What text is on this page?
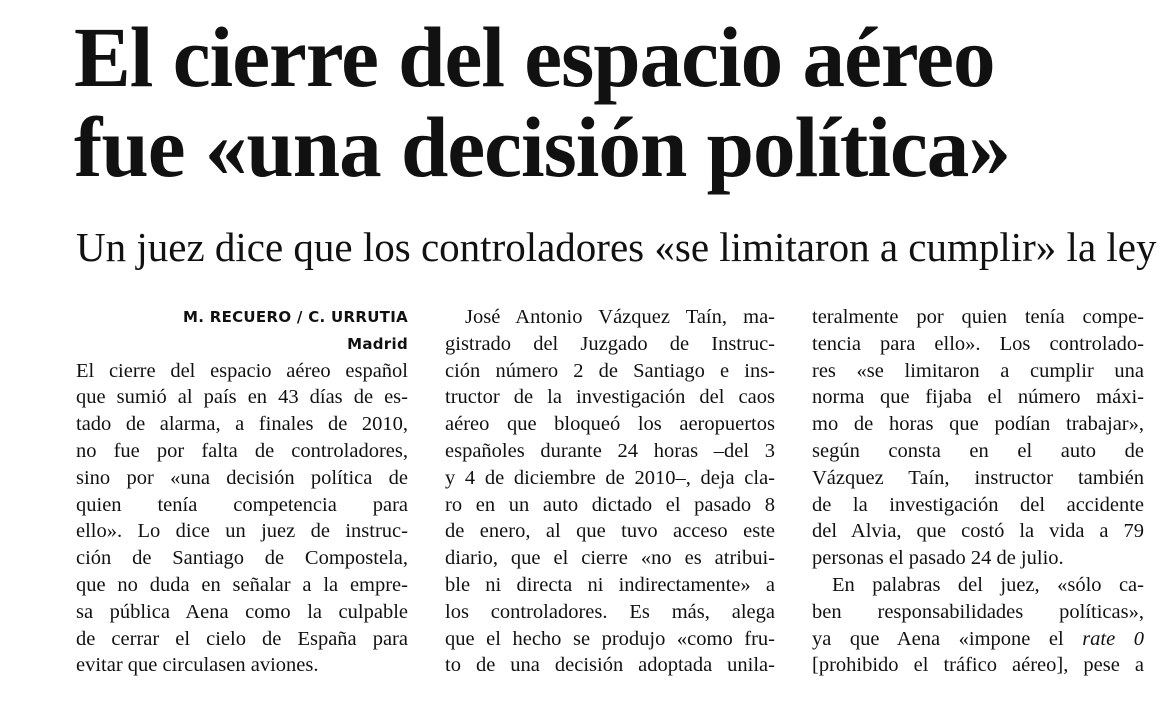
El cierre del espacio aéreo
fue «una decisión política»
Un juez dice que los controladores «se limitaron a cumplir» la ley
M. RECUERO / C. URRUTIA
Madrid

El cierre del espacio aéreo español
que sumió al país en 43 días de es-
tado de alarma, a finales de 2010,
no fue por falta de controladores,
sino por «una decisión política de
quien tenía competencia para
ello». Lo dice un juez de instruc-
ción de Santiago de Compostela,
que no duda en señalar a la empre-
sa pública Aena como la culpable
de cerrar el cielo de España para
evitar que circulasen aviones.

José Antonio Vázquez Taín, ma-
gistrado del Juzgado de Instruc-
ción número 2 de Santiago e ins-
tructor de la investigación del caos
aéreo que bloqueó los aeropuertos
españoles durante 24 horas –del 3
y 4 de diciembre de 2010–, deja cla-
ro en un auto dictado el pasado 8
de enero, al que tuvo acceso este
diario, que el cierre «no es atribui-
ble ni directa ni indirectamente» a
los controladores. Es más, alega
que el hecho se produjo «como fru-
to de una decisión adoptada unila-

teralmente por quien tenía compe-
tencia para ello». Los controlado-
res «se limitaron a cumplir una
norma que fijaba el número máxi-
mo de horas que podían trabajar»,
según consta en el auto de
Vázquez Taín, instructor también
de la investigación del accidente
del Alvia, que costó la vida a 79
personas el pasado 24 de julio.

En palabras del juez, «sólo ca-
ben responsabilidades políticas»,
ya que Aena «impone el rate 0
[prohibido el tráfico aéreo], pese a
